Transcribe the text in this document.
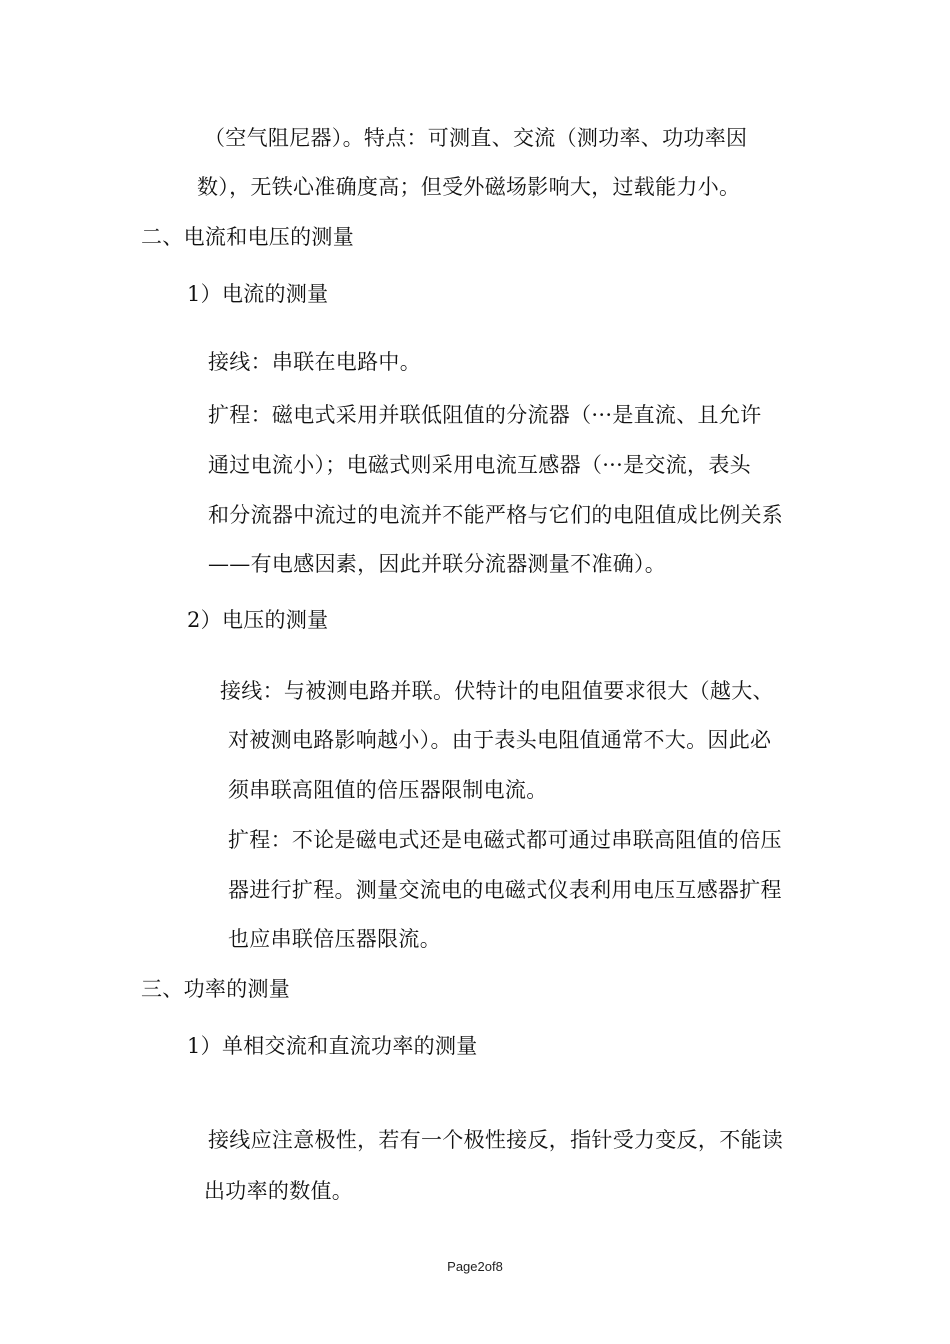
（空气阻尼器）。特点：可测直、交流（测功率、功功率因
数），无铁心准确度高；但受外磁场影响大，过载能力小。
二、电流和电压的测量
1）电流的测量
接线：串联在电路中。
扩程：磁电式采用并联低阻值的分流器（···是直流、且允许
通过电流小）；电磁式则采用电流互感器（···是交流，表头
和分流器中流过的电流并不能严格与它们的电阻值成比例关系
——有电感因素，因此并联分流器测量不准确）。
2）电压的测量
接线：与被测电路并联。伏特计的电阻值要求很大（越大、
对被测电路影响越小）。由于表头电阻值通常不大。因此必
须串联高阻值的倍压器限制电流。
扩程：不论是磁电式还是电磁式都可通过串联高阻值的倍压
器进行扩程。测量交流电的电磁式仪表利用电压互感器扩程
也应串联倍压器限流。
三、功率的测量
1）单相交流和直流功率的测量
接线应注意极性，若有一个极性接反，指针受力变反，不能读
出功率的数值。
Page2of8
